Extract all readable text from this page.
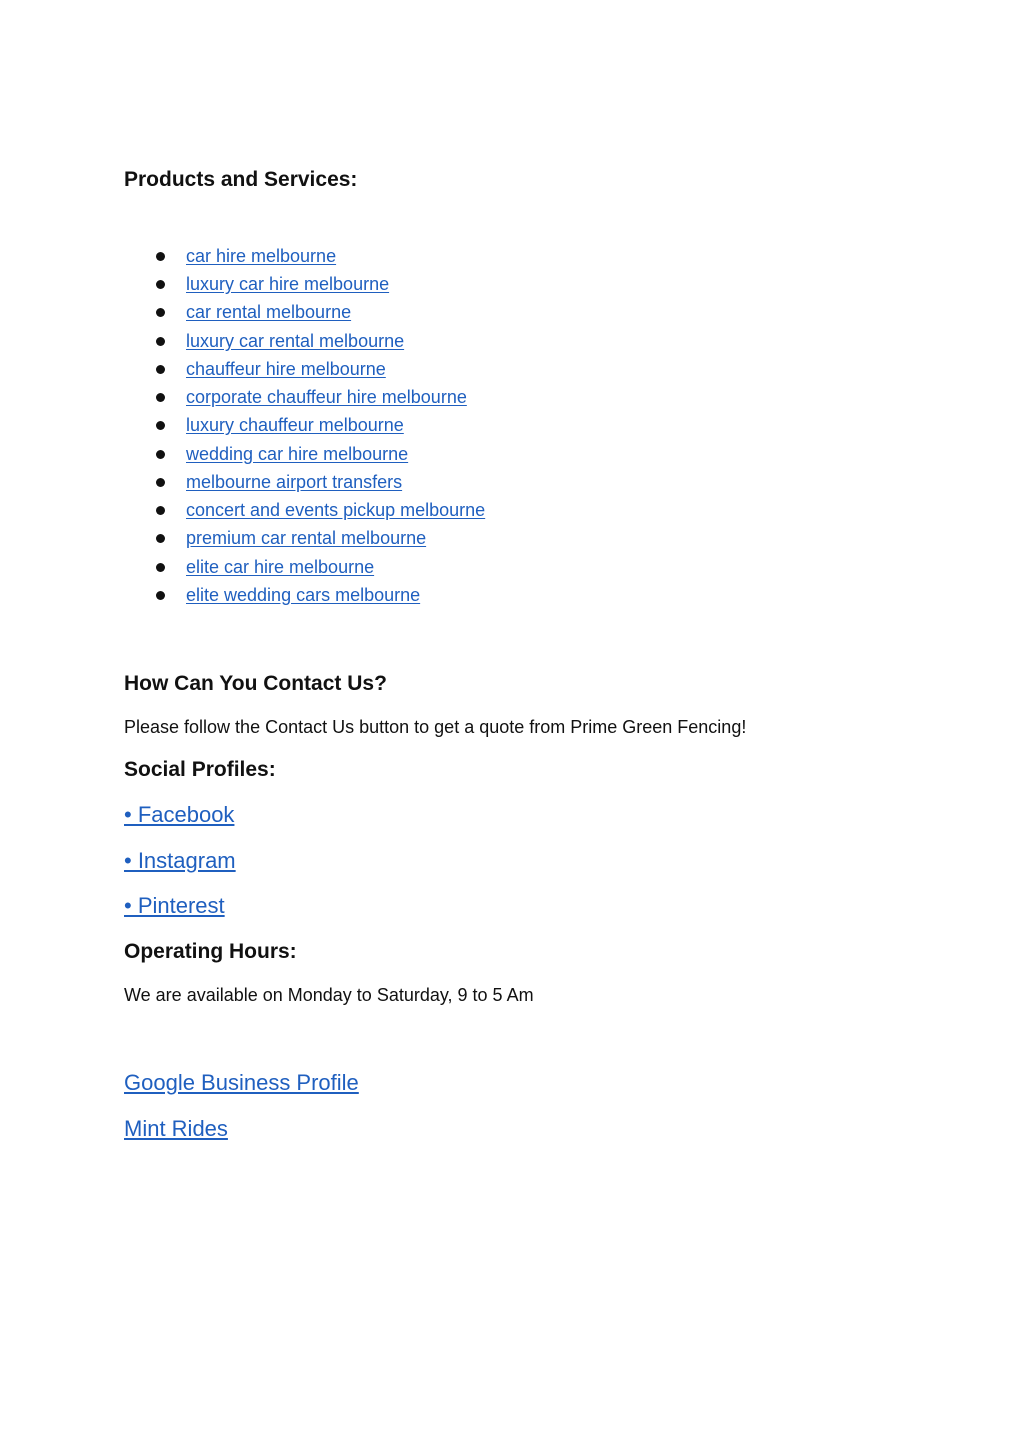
Products and Services:
car hire melbourne
luxury car hire melbourne
car rental melbourne
luxury car rental melbourne
chauffeur hire melbourne
corporate chauffeur hire melbourne
luxury chauffeur melbourne
wedding car hire melbourne
melbourne airport transfers
concert and events pickup melbourne
premium car rental melbourne
elite car hire melbourne
elite wedding cars melbourne
How Can You Contact Us?
Please follow the Contact Us button to get a quote from Prime Green Fencing!
Social Profiles:
• Facebook
• Instagram
• Pinterest
Operating Hours:
We are available on Monday to Saturday, 9 to 5 Am
Google Business Profile
Mint Rides
